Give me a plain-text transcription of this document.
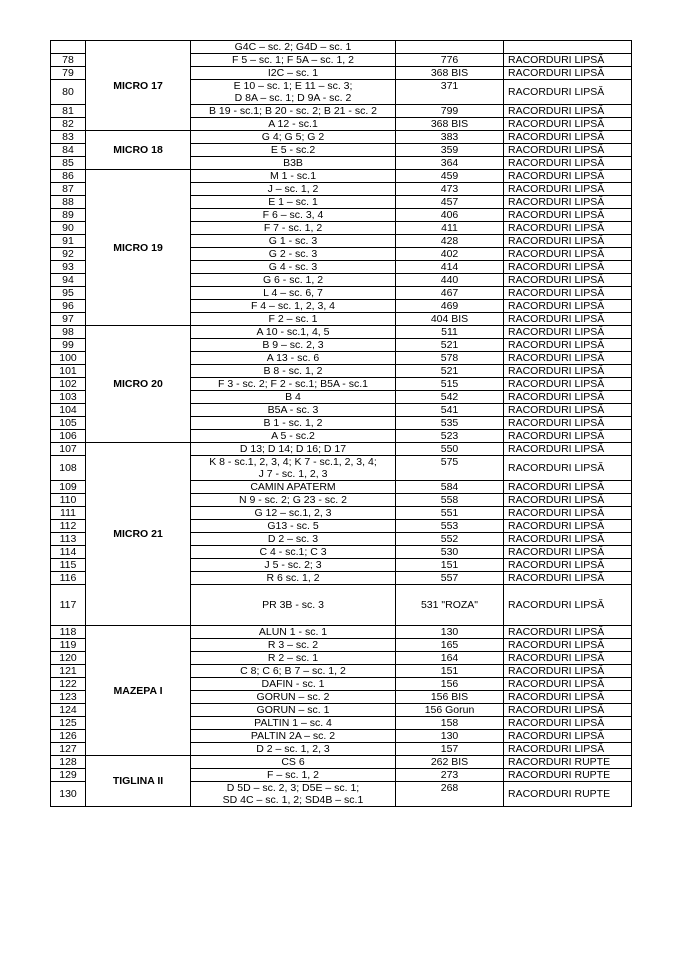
	MICRO 17	G4C – sc. 2; G4D – sc. 1		

78		F 5 – sc. 1; F 5A – sc. 1, 2	776	RACORDURI LIPSĂ
79		I2C – sc. 1	368 BIS	RACORDURI LIPSĂ
80		E 10 – sc. 1; E 11 – sc. 3;
D 8A – sc. 1; D 9A - sc. 2	371	RACORDURI LIPSĂ
81		B 19 - sc.1; B 20 - sc. 2; B 21 - sc. 2	799	RACORDURI LIPSĂ
82		A 12 - sc.1	368 BIS	RACORDURI LIPSĂ
83	MICRO 18	G 4; G 5; G 2	383	RACORDURI LIPSĂ
84		E 5 - sc.2	359	RACORDURI LIPSĂ
85		B3B	364	RACORDURI LIPSĂ
86	MICRO 19	M 1 - sc.1	459	RACORDURI LIPSĂ
87		J – sc. 1, 2	473	RACORDURI LIPSĂ
88		E 1 – sc. 1	457	RACORDURI LIPSĂ
89		F 6 – sc. 3, 4	406	RACORDURI LIPSĂ
90		F 7 - sc. 1, 2	411	RACORDURI LIPSĂ
91		G 1 - sc. 3	428	RACORDURI LIPSĂ
92		G 2 - sc. 3	402	RACORDURI LIPSĂ
93		G 4 - sc. 3	414	RACORDURI LIPSĂ
94		G 6 - sc. 1, 2	440	RACORDURI LIPSĂ
95		L 4 – sc. 6, 7	467	RACORDURI LIPSĂ
96		F 4 – sc. 1, 2, 3, 4	469	RACORDURI LIPSĂ
97		F 2 – sc. 1	404 BIS	RACORDURI LIPSĂ
98	MICRO 20	A 10 - sc.1, 4, 5	511	RACORDURI LIPSĂ
99		B 9 – sc. 2, 3	521	RACORDURI LIPSĂ
100		A 13 - sc. 6	578	RACORDURI LIPSĂ
101		B 8 - sc. 1, 2	521	RACORDURI LIPSĂ
102		F 3 - sc. 2; F 2 - sc.1; B5A - sc.1	515	RACORDURI LIPSĂ
103		B 4	542	RACORDURI LIPSĂ
104		B5A - sc. 3	541	RACORDURI LIPSĂ
105		B 1 - sc. 1, 2	535	RACORDURI LIPSĂ
106		A 5 - sc.2	523	RACORDURI LIPSĂ
107	MICRO 21	D 13; D 14; D 16; D 17	550	RACORDURI LIPSĂ
108		K 8 - sc.1, 2, 3, 4; K 7 - sc.1, 2, 3, 4;
J 7 - sc. 1, 2, 3	575	RACORDURI LIPSĂ
109		CAMIN APATERM	584	RACORDURI LIPSĂ
110		N 9 - sc. 2; G 23 - sc. 2	558	RACORDURI LIPSĂ
111		G 12 – sc.1, 2, 3	551	RACORDURI LIPSĂ
112		G13 - sc. 5	553	RACORDURI LIPSĂ
113		D 2 – sc. 3	552	RACORDURI LIPSĂ
114		C 4 - sc.1; C 3	530	RACORDURI LIPSĂ
115		J 5 - sc. 2; 3	151	RACORDURI LIPSĂ
116		R 6 sc. 1, 2	557	RACORDURI LIPSĂ
117		PR 3B - sc. 3	531 "ROZA"	RACORDURI LIPSĂ
118	MAZEPA I	ALUN 1 - sc. 1	130	RACORDURI LIPSĂ
119		R 3 – sc. 2	165	RACORDURI LIPSĂ
120		R 2 – sc. 1	164	RACORDURI LIPSĂ
121		C 8; C 6; B 7 – sc. 1, 2	151	RACORDURI LIPSĂ
122		DAFIN - sc. 1	156	RACORDURI LIPSĂ
123		GORUN – sc. 2	156 BIS	RACORDURI LIPSĂ
124		GORUN – sc. 1	156 Gorun	RACORDURI LIPSĂ
125		PALTIN 1 – sc. 4	158	RACORDURI LIPSĂ
126		PALTIN 2A – sc. 2	130	RACORDURI LIPSĂ
127		D 2 – sc. 1, 2, 3	157	RACORDURI LIPSĂ
128	TIGLINA II	CS 6	262 BIS	RACORDURI RUPTE
129		F – sc. 1, 2	273	RACORDURI RUPTE
130		D 5D – sc. 2, 3; D5E – sc. 1;
SD 4C – sc. 1, 2; SD4B – sc.1	268	RACORDURI RUPTE
